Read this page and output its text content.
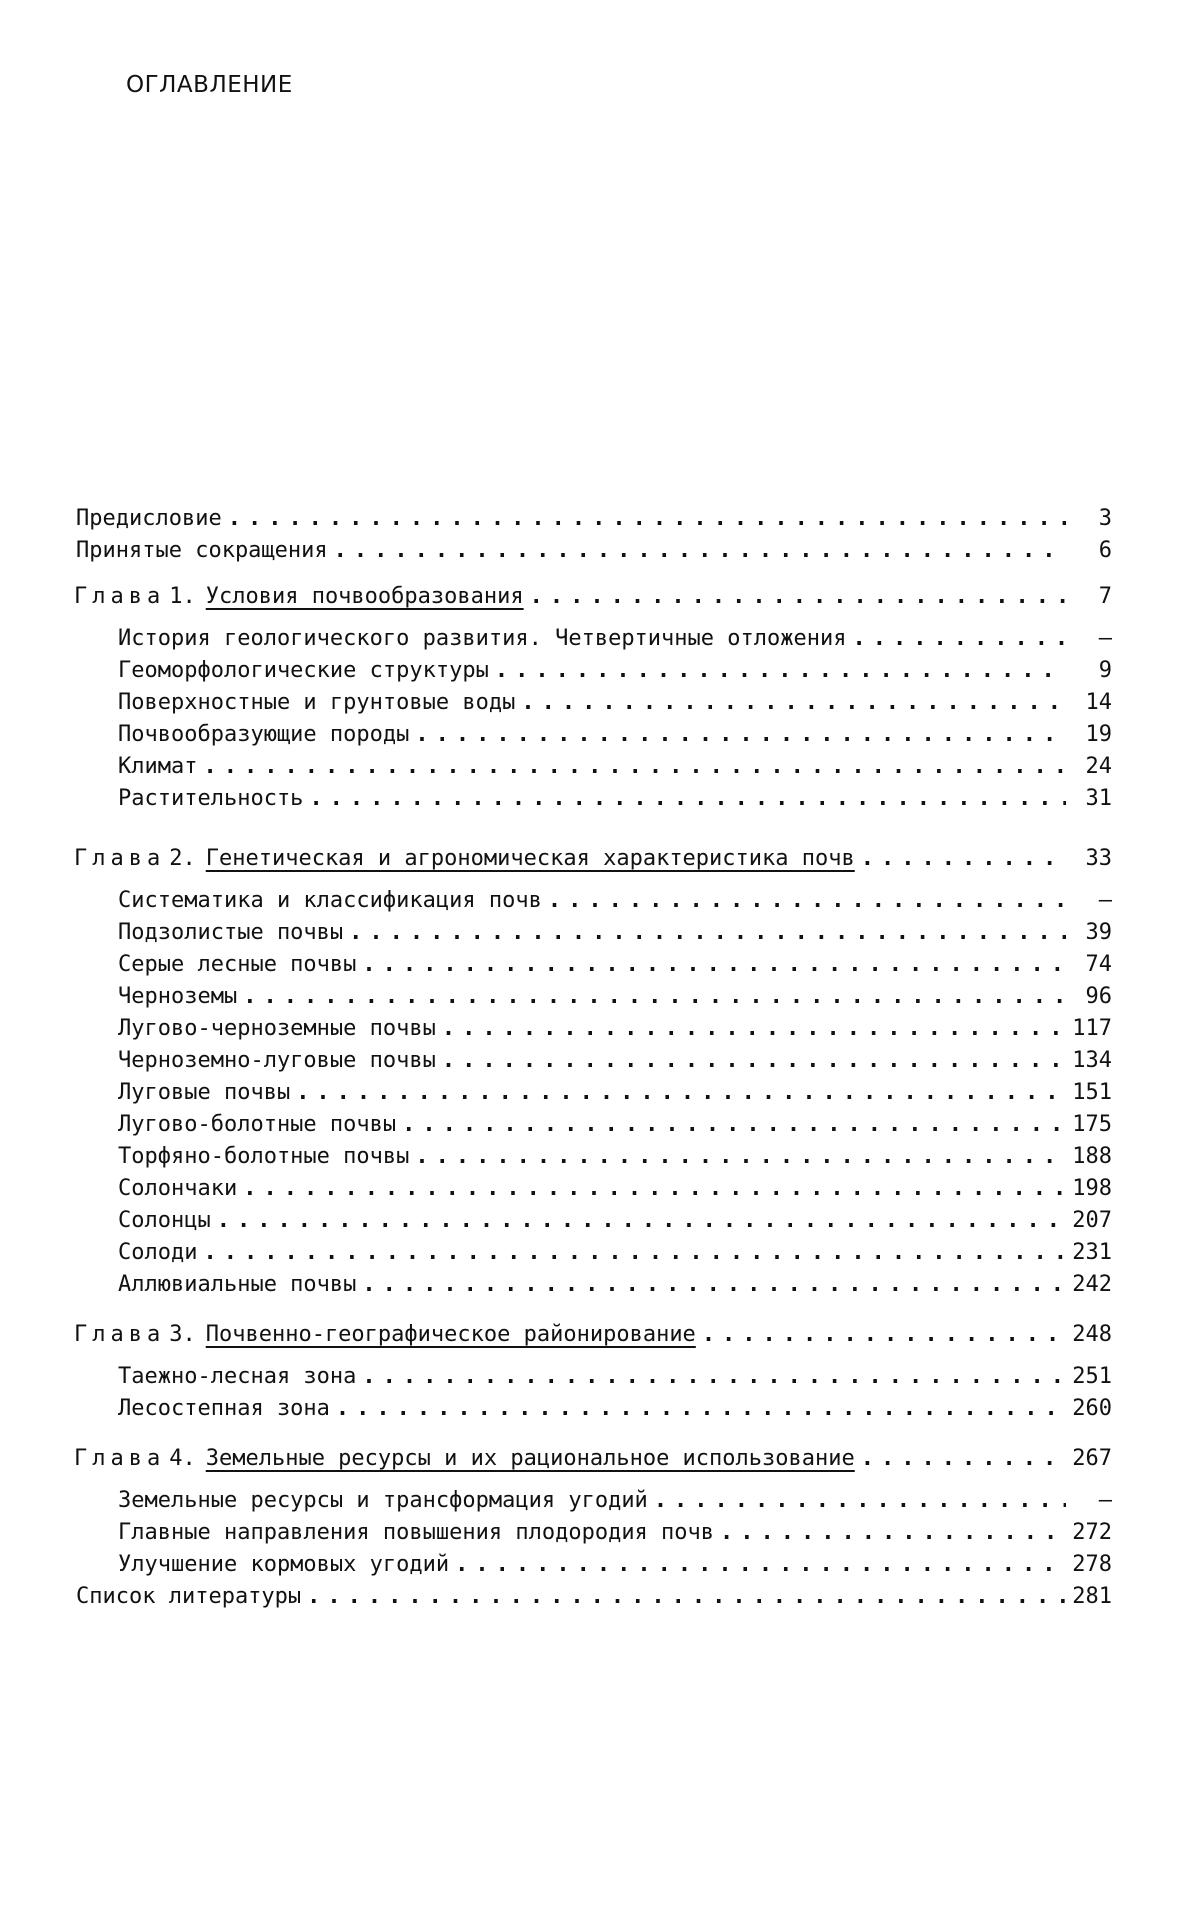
ОГЛАВЛЕНИЕ
Предисловие .....	3
Принятые сокращения .....	6
Глава 1. Условия почвообразования .....	7
История геологического развития. Четвертичные отложения .....	–
Геоморфологические структуры .....	9
Поверхностные и грунтовые воды .....	14
Почвообразующие породы .....	19
Климат .....	24
Растительность .....	31
Глава 2. Генетическая и агрономическая характеристика почв .....	33
Систематика и классификация почв .....	–
Подзолистые почвы .....	39
Серые лесные почвы .....	74
Черноземы .....	96
Лугово-черноземные почвы .....	117
Черноземно-луговые почвы .....	134
Луговые почвы .....	151
Лугово-болотные почвы .....	175
Торфяно-болотные почвы .....	188
Солончаки .....	198
Солонцы .....	207
Солоди .....	231
Аллювиальные почвы .....	242
Глава 3. Почвенно-географическое районирование .....	248
Таежно-лесная зона .....	251
Лесостепная зона .....	260
Глава 4. Земельные ресурсы и их рациональное использование .....	267
Земельные ресурсы и трансформация угодий .....	–
Главные направления повышения плодородия почв .....	272
Улучшение кормовых угодий .....	278
Список литературы .....	281
